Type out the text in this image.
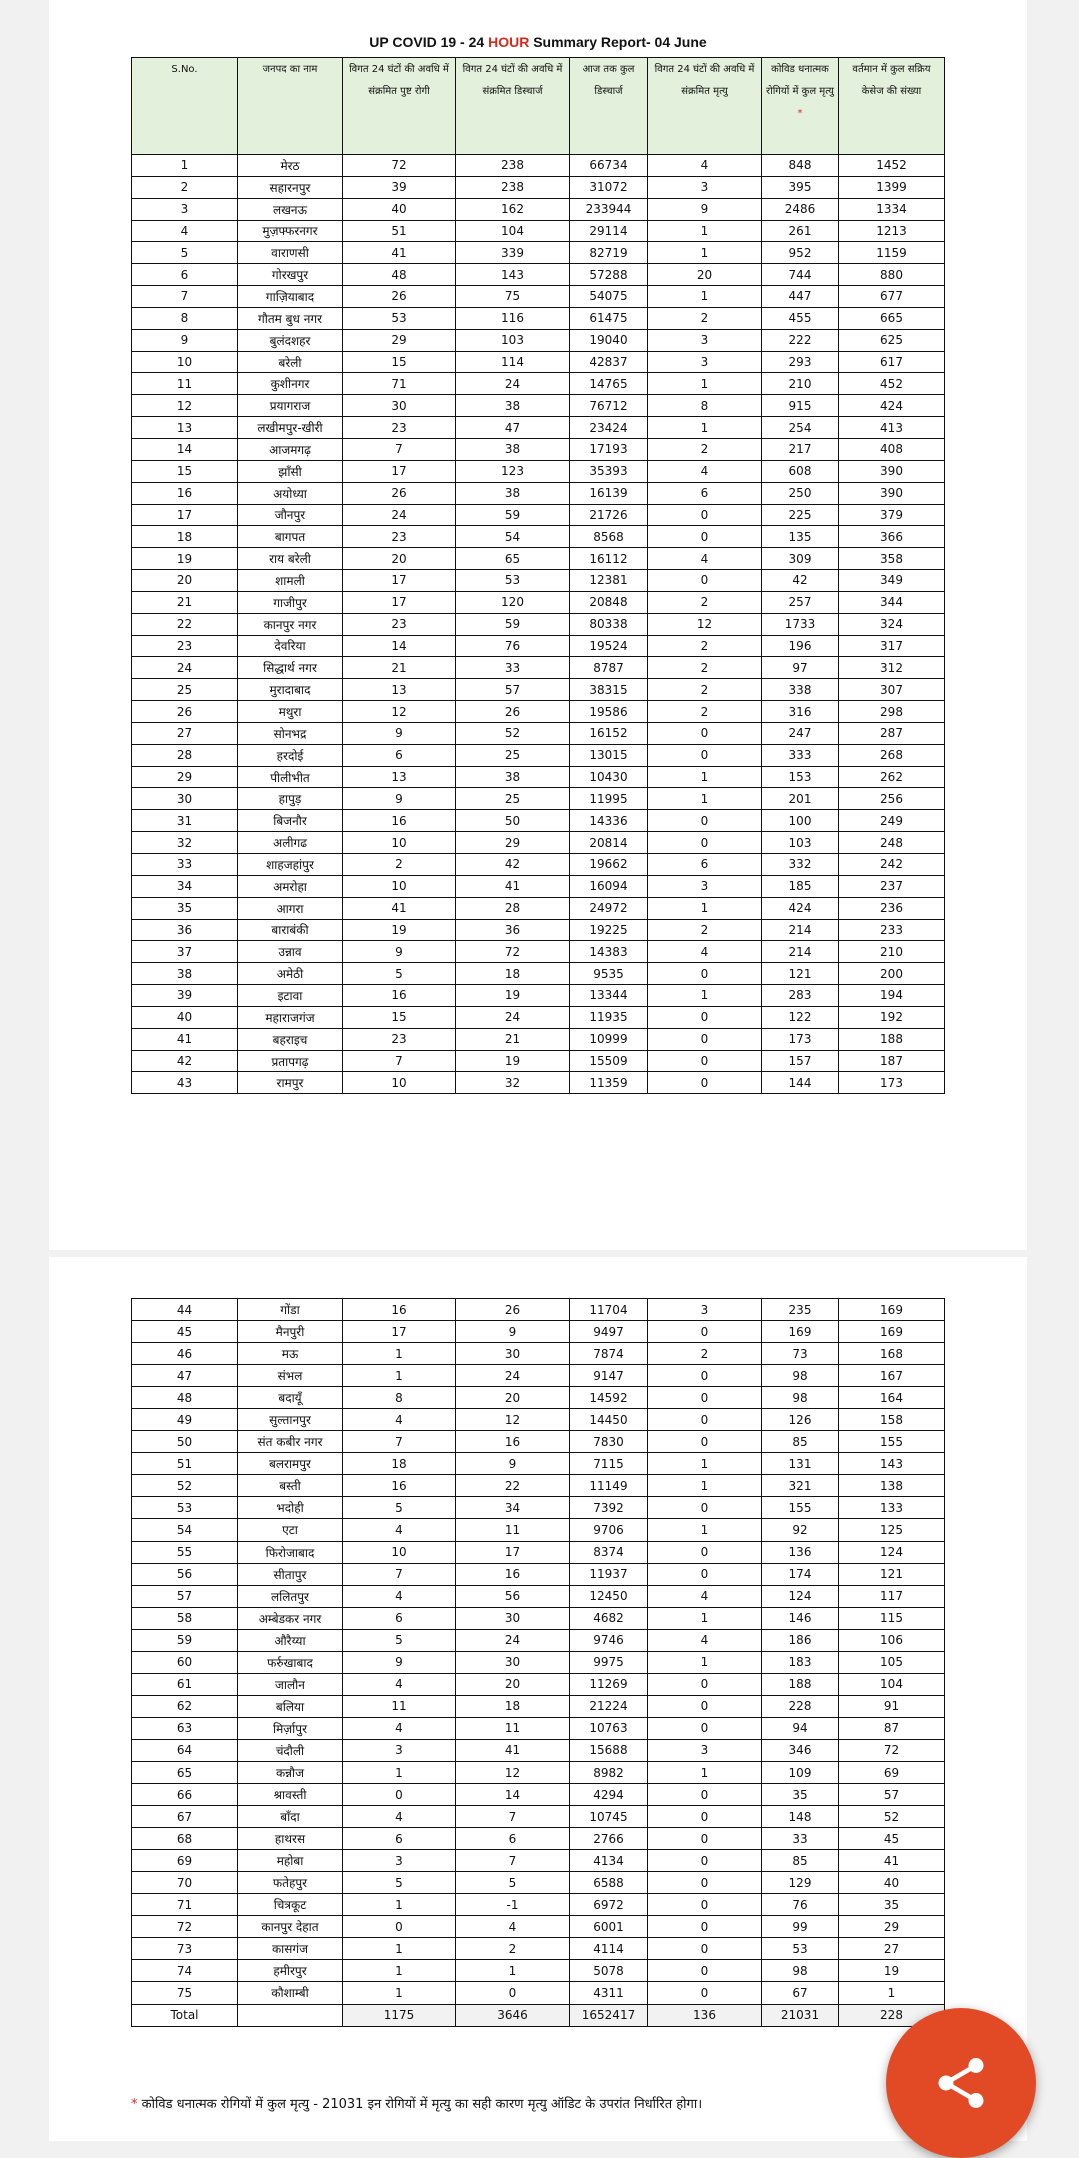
UP COVID 19 - 24 HOUR Summary Report- 04 June
S.No.	जनपद का नाम	विगत 24 घंटों की अवधि में संक्रमित पुष्ट रोगी	विगत 24 घंटों की अवधि में संक्रमित डिस्चार्ज	आज तक कुल डिस्चार्ज	विगत 24 घंटों की अवधि में संक्रमित मृत्यु	कोविड धनात्मक रोगियों में कुल मृत्यु *	वर्तमान में कुल सक्रिय केसेज की संख्या
1	मेरठ	72	238	66734	4	848	1452
2	सहारनपुर	39	238	31072	3	395	1399
3	लखनऊ	40	162	233944	9	2486	1334
4	मुज़फ्फरनगर	51	104	29114	1	261	1213
5	वाराणसी	41	339	82719	1	952	1159
6	गोरखपुर	48	143	57288	20	744	880
7	गाज़ियाबाद	26	75	54075	1	447	677
8	गौतम बुध नगर	53	116	61475	2	455	665
9	बुलंदशहर	29	103	19040	3	222	625
10	बरेली	15	114	42837	3	293	617
11	कुशीनगर	71	24	14765	1	210	452
12	प्रयागराज	30	38	76712	8	915	424
13	लखीमपुर-खीरी	23	47	23424	1	254	413
14	आजमगढ़	7	38	17193	2	217	408
15	झाँसी	17	123	35393	4	608	390
16	अयोध्या	26	38	16139	6	250	390
17	जौनपुर	24	59	21726	0	225	379
18	बागपत	23	54	8568	0	135	366
19	राय बरेली	20	65	16112	4	309	358
20	शामली	17	53	12381	0	42	349
21	गाजीपुर	17	120	20848	2	257	344
22	कानपुर नगर	23	59	80338	12	1733	324
23	देवरिया	14	76	19524	2	196	317
24	सिद्धार्थ नगर	21	33	8787	2	97	312
25	मुरादाबाद	13	57	38315	2	338	307
26	मथुरा	12	26	19586	2	316	298
27	सोनभद्र	9	52	16152	0	247	287
28	हरदोई	6	25	13015	0	333	268
29	पीलीभीत	13	38	10430	1	153	262
30	हापुड़	9	25	11995	1	201	256
31	बिजनौर	16	50	14336	0	100	249
32	अलीगढ	10	29	20814	0	103	248
33	शाहजहांपुर	2	42	19662	6	332	242
34	अमरोहा	10	41	16094	3	185	237
35	आगरा	41	28	24972	1	424	236
36	बाराबंकी	19	36	19225	2	214	233
37	उन्नाव	9	72	14383	4	214	210
38	अमेठी	5	18	9535	0	121	200
39	इटावा	16	19	13344	1	283	194
40	महाराजगंज	15	24	11935	0	122	192
41	बहराइच	23	21	10999	0	173	188
42	प्रतापगढ़	7	19	15509	0	157	187
43	रामपुर	10	32	11359	0	144	173
44	गोंडा	16	26	11704	3	235	169
45	मैनपुरी	17	9	9497	0	169	169
46	मऊ	1	30	7874	2	73	168
47	संभल	1	24	9147	0	98	167
48	बदायूँ	8	20	14592	0	98	164
49	सुल्तानपुर	4	12	14450	0	126	158
50	संत कबीर नगर	7	16	7830	0	85	155
51	बलरामपुर	18	9	7115	1	131	143
52	बस्ती	16	22	11149	1	321	138
53	भदोही	5	34	7392	0	155	133
54	एटा	4	11	9706	1	92	125
55	फिरोजाबाद	10	17	8374	0	136	124
56	सीतापुर	7	16	11937	0	174	121
57	ललितपुर	4	56	12450	4	124	117
58	अम्बेडकर नगर	6	30	4682	1	146	115
59	औरैय्या	5	24	9746	4	186	106
60	फर्रुखाबाद	9	30	9975	1	183	105
61	जालौन	4	20	11269	0	188	104
62	बलिया	11	18	21224	0	228	91
63	मिर्ज़ापुर	4	11	10763	0	94	87
64	चंदौली	3	41	15688	3	346	72
65	कन्नौज	1	12	8982	1	109	69
66	श्रावस्ती	0	14	4294	0	35	57
67	बाँदा	4	7	10745	0	148	52
68	हाथरस	6	6	2766	0	33	45
69	महोबा	3	7	4134	0	85	41
70	फतेहपुर	5	5	6588	0	129	40
71	चित्रकूट	1	-1	6972	0	76	35
72	कानपुर देहात	0	4	6001	0	99	29
73	कासगंज	1	2	4114	0	53	27
74	हमीरपुर	1	1	5078	0	98	19
75	कौशाम्बी	1	0	4311	0	67	1
Total		1175	3646	1652417	136	21031	228
* कोविड धनात्मक रोगियों में कुल मृत्यु - 21031 इन रोगियों में मृत्यु का सही कारण मृत्यु ऑडिट के उपरांत निर्धारित होगा।
